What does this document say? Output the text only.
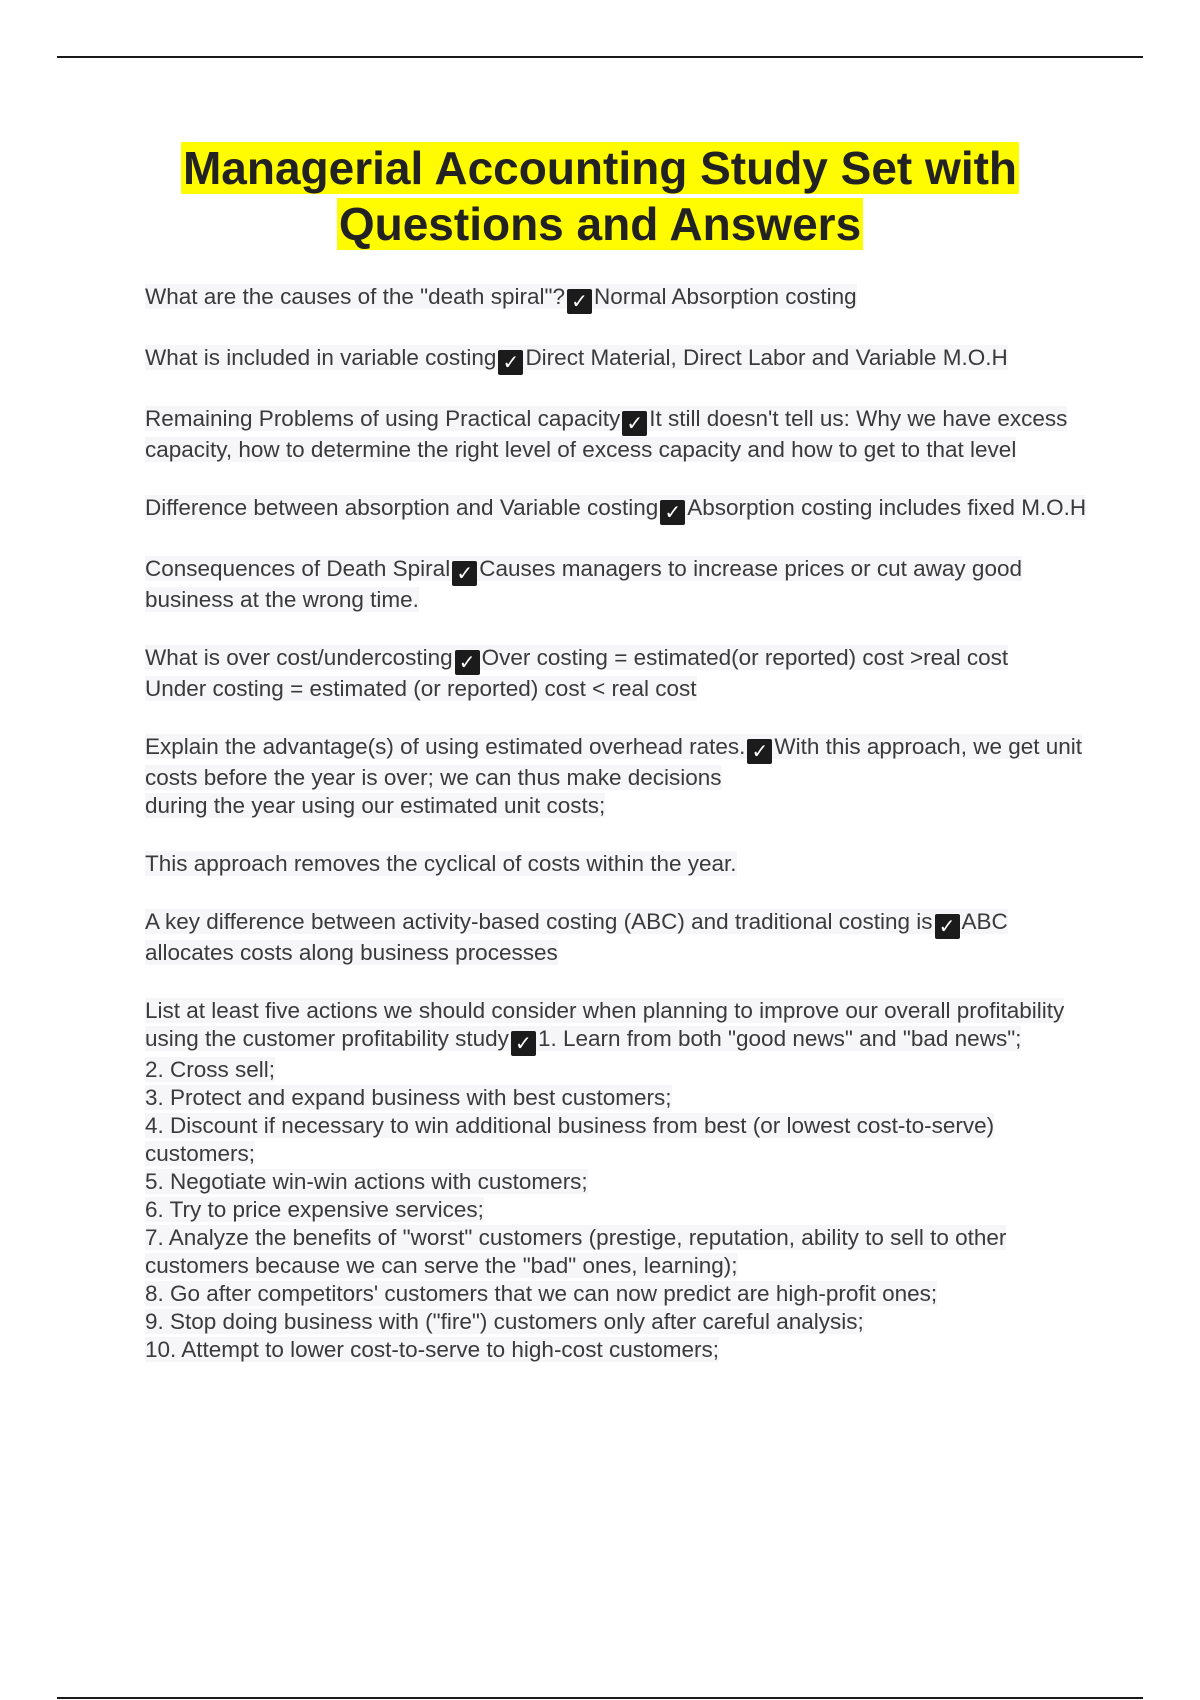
Managerial Accounting Study Set with
Questions and Answers
What are the causes of the "death spiral"? ✓ Normal Absorption costing
What is included in variable costing ✓ Direct Material, Direct Labor and Variable M.O.H
Remaining Problems of using Practical capacity ✓ It still doesn't tell us: Why we have excess capacity, how to determine the right level of excess capacity and how to get to that level
Difference between absorption and Variable costing ✓ Absorption costing includes fixed M.O.H
Consequences of Death Spiral ✓ Causes managers to increase prices or cut away good business at the wrong time.
What is over cost/undercosting ✓ Over costing = estimated(or reported) cost >real cost
Under costing = estimated (or reported) cost < real cost
Explain the advantage(s) of using estimated overhead rates. ✓ With this approach, we get unit costs before the year is over; we can thus make decisions
during the year using our estimated unit costs;
This approach removes the cyclical of costs within the year.
A key difference between activity-based costing (ABC) and traditional costing is ✓ ABC allocates costs along business processes
List at least five actions we should consider when planning to improve our overall profitability using the customer profitability study ✓ 1. Learn from both "good news" and "bad news";
2. Cross sell;
3. Protect and expand business with best customers;
4. Discount if necessary to win additional business from best (or lowest cost-to-serve) customers;
5. Negotiate win-win actions with customers;
6. Try to price expensive services;
7. Analyze the benefits of "worst" customers (prestige, reputation, ability to sell to other customers because we can serve the "bad" ones, learning);
8. Go after competitors' customers that we can now predict are high-profit ones;
9. Stop doing business with ("fire") customers only after careful analysis;
10. Attempt to lower cost-to-serve to high-cost customers;
